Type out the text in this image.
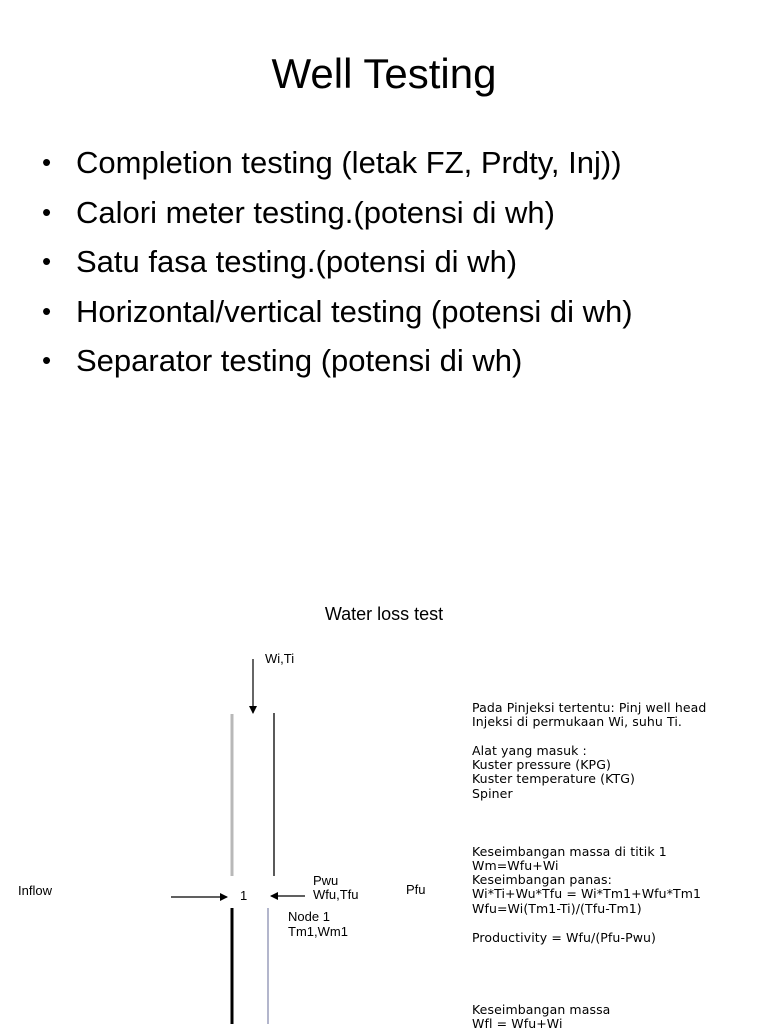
Well Testing
• Completion testing (letak FZ, Prdty, Inj))
• Calori meter testing.(potensi di wh)
• Satu fasa testing.(potensi di wh)
• Horizontal/vertical testing (potensi di wh)
• Separator testing (potensi di wh)
Water loss test
Wi,Ti
Inflow	1
Pwu
Wfu,Tfu	Pfu
Node 1
Tm1,Wm1
Pada Pinjeksi tertentu: Pinj well head
Injeksi di permukaan Wi, suhu Ti.
Alat yang masuk :
Kuster pressure (KPG)
Kuster temperature (KTG)
Spiner
Keseimbangan massa di titik 1
Wm=Wfu+Wi
Keseimbangan panas:
Wi*Ti+Wu*Tfu = Wi*Tm1+Wfu*Tm1
Wfu=Wi(Tm1-Ti)/(Tfu-Tm1)
Productivity = Wfu/(Pfu-Pwu)
Keseimbangan massa
Wfl = Wfu+Wi
